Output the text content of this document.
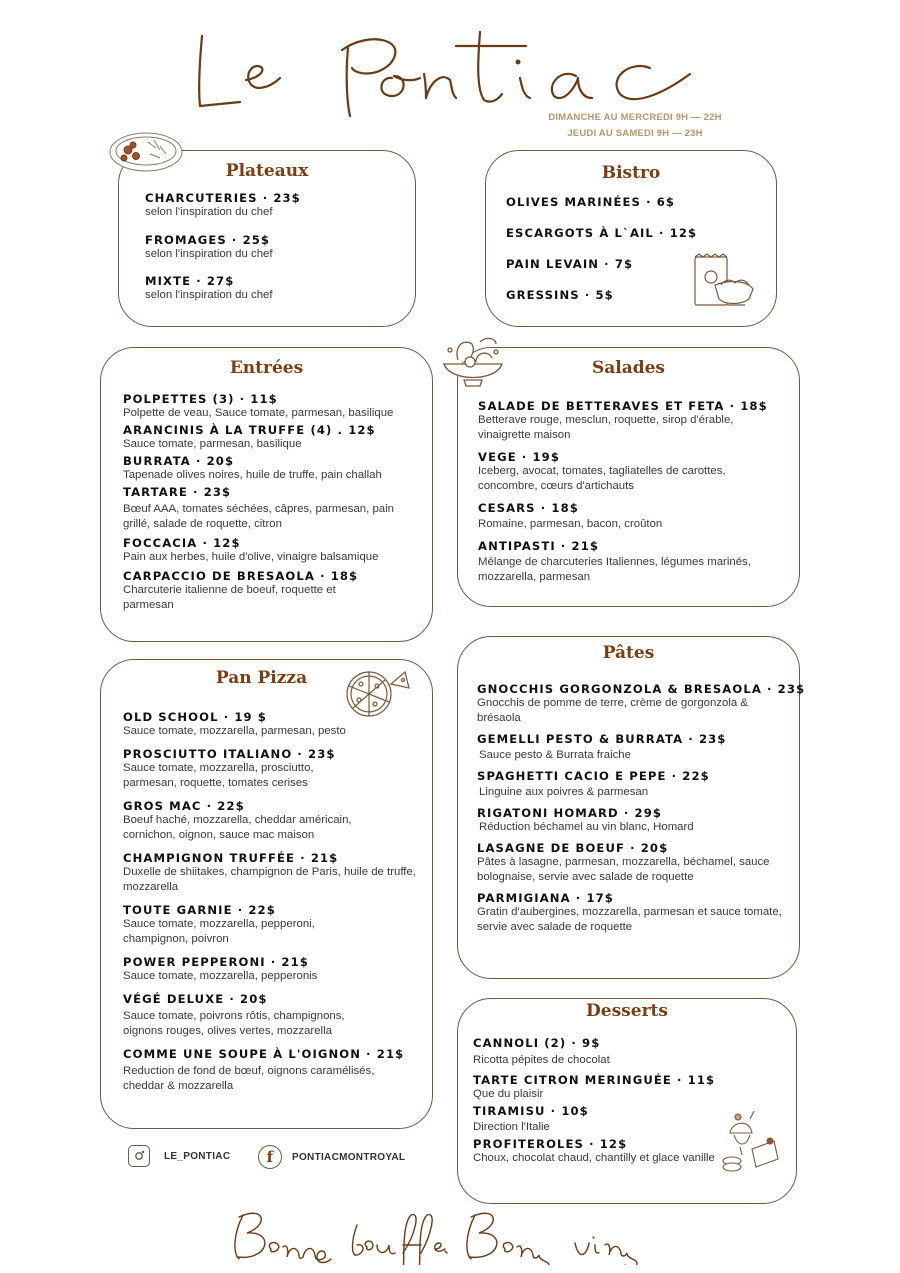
DIMANCHE AU MERCREDI 9H — 22H
JEUDI AU SAMEDI 9H — 23H
Plateaux
CHARCUTERIES · 23$
selon l'inspiration du chef
FROMAGES · 25$
selon l'inspiration du chef
MIXTE · 27$
selon l'inspiration du chef
Bistro
OLIVES MARINÉES · 6$
ESCARGOTS À L`AIL · 12$
PAIN LEVAIN · 7$
GRESSINS · 5$
Entrées
POLPETTES (3) · 11$
Polpette de veau, Sauce tomate, parmesan, basilique
ARANCINIS À LA TRUFFE (4) . 12$
Sauce tomate, parmesan, basilique
BURRATA · 20$
Tapenade olives noires, huile de truffe, pain challah
TARTARE · 23$
Bœuf AAA, tomates séchées, câpres, parmesan, pain grillé, salade de roquette, citron
FOCCACIA · 12$
Pain aux herbes, huile d'olive, vinaigre balsamique
CARPACCIO DE BRESAOLA · 18$
Charcuterie italienne de boeuf, roquette et parmesan
Salades
SALADE DE BETTERAVES ET FETA · 18$
Betterave rouge, mesclun, roquette, sirop d'érable, vinaigrette maison
VEGE · 19$
Iceberg, avocat, tomates, tagliatelles de carottes, concombre, cœurs d'artichauts
CESARS · 18$
Romaine, parmesan, bacon, croûton
ANTIPASTI · 21$
Mélange de charcuteries Italiennes, légumes marinés, mozzarella, parmesan
Pan Pizza
OLD SCHOOL · 19 $
Sauce tomate, mozzarella, parmesan, pesto
PROSCIUTTO ITALIANO · 23$
Sauce tomate, mozzarella, prosciutto, parmesan, roquette, tomates cerises
GROS MAC · 22$
Boeuf haché, mozzarella, cheddar américain, cornichon, oignon, sauce mac maison
CHAMPIGNON TRUFFÉE · 21$
Duxelle de shiitakes, champignon de Paris, huile de truffe, mozzarella
TOUTE GARNIE · 22$
Sauce tomate, mozzarella, pepperoni, champignon, poivron
POWER PEPPERONI · 21$
Sauce tomate, mozzarella, pepperonis
VÉGÉ DELUXE · 20$
Sauce tomate, poivrons rôtis, champignons, oignons rouges, olives vertes, mozzarella
COMME UNE SOUPE À L'OIGNON · 21$
Reduction de fond de bœuf, oignons caramélisés, cheddar & mozzarella
Pâtes
GNOCCHIS GORGONZOLA & BRESAOLA · 23$
Gnocchis de pomme de terre, crème de gorgonzola & brésaola
GEMELLI PESTO & BURRATA · 23$
Sauce pesto & Burrata fraiche
SPAGHETTI CACIO E PEPE · 22$
Linguine aux poivres & parmesan
RIGATONI HOMARD · 29$
Réduction béchamel au vin blanc, Homard
LASAGNE DE BOEUF · 20$
Pâtes à lasagne, parmesan, mozzarella, béchamel, sauce bolognaise, servie avec salade de roquette
PARMIGIANA · 17$
Gratin d'aubergines, mozzarella, parmesan et sauce tomate, servie avec salade de roquette
Desserts
CANNOLI (2) · 9$
Ricotta pépites de chocolat
TARTE CITRON MERINGUÉE · 11$
Que du plaisir
TIRAMISU · 10$
Direction l'Italie
PROFITEROLES · 12$
Choux, chocolat chaud, chantilly et glace vanille
LE_PONTIAC	f	PONTIACMONTROYAL
